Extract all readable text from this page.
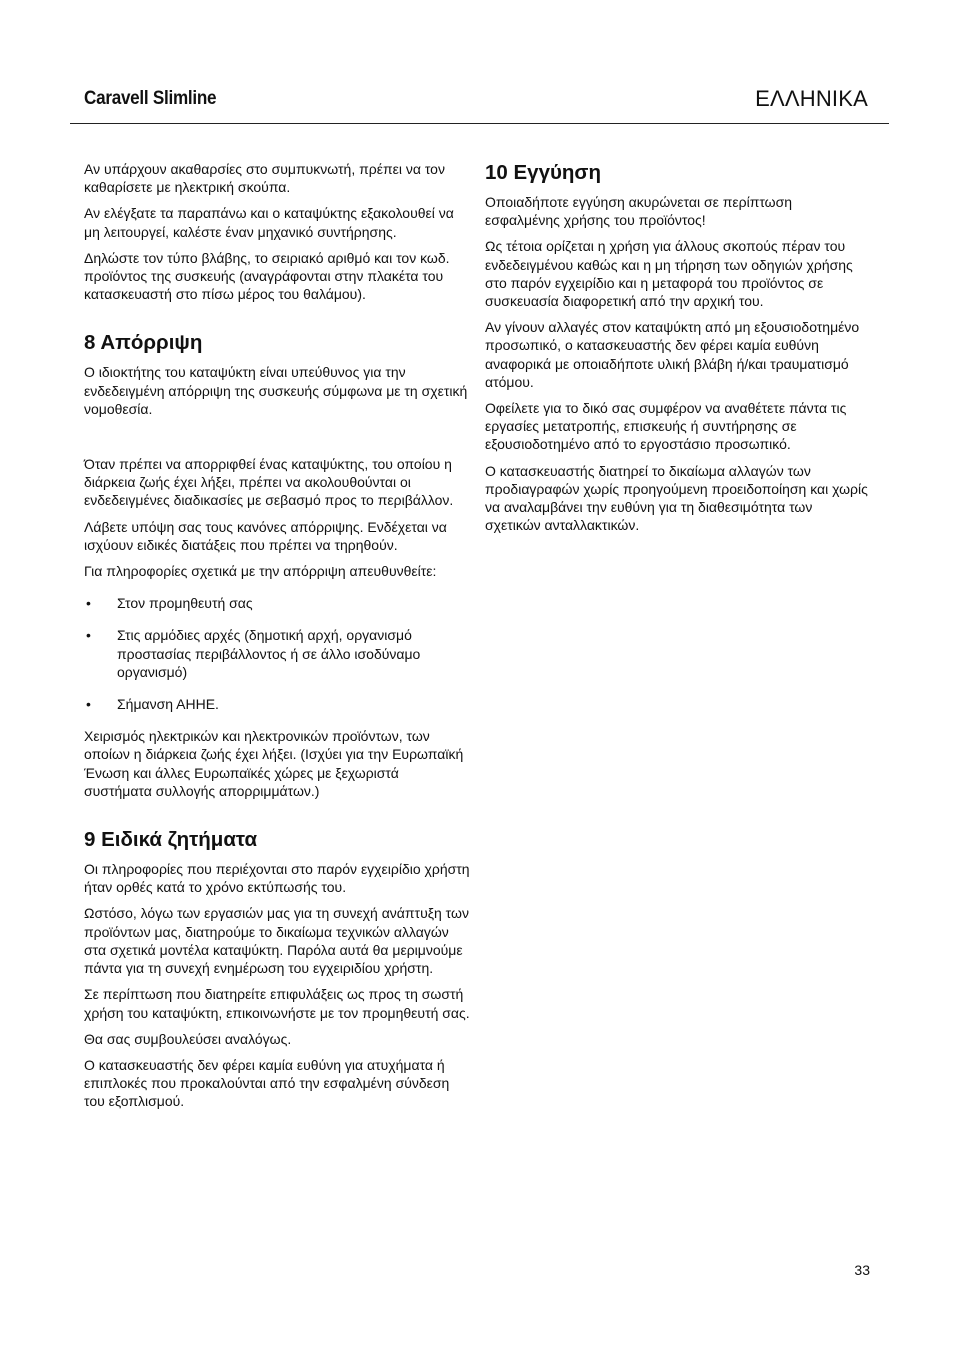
Caravell Slimline	ΕΛΛΗΝΙΚΑ

Αν υπάρχουν ακαθαρσίες στο συμπυκνωτή, πρέπει να τον καθαρίσετε με ηλεκτρική σκούπα.

Αν ελέγξατε τα παραπάνω και ο καταψύκτης εξακολουθεί να μη λειτουργεί, καλέστε έναν μηχανικό συντήρησης.

Δηλώστε τον τύπο βλάβης, το σειριακό αριθμό και τον κωδ. προϊόντος της συσκευής (αναγράφονται στην πλακέτα του κατασκευαστή στο πίσω μέρος του θαλάμου).

8 Απόρριψη

Ο ιδιοκτήτης του καταψύκτη είναι υπεύθυνος για την ενδεδειγμένη απόρριψη της συσκευής σύμφωνα με τη σχετική νομοθεσία.

Όταν πρέπει να απορριφθεί ένας καταψύκτης, του οποίου η διάρκεια ζωής έχει λήξει, πρέπει να ακολουθούνται οι ενδεδειγμένες διαδικασίες με σεβασμό προς το περιβάλλον.

Λάβετε υπόψη σας τους κανόνες απόρριψης. Ενδέχεται να ισχύουν ειδικές διατάξεις που πρέπει να τηρηθούν.

Για πληροφορίες σχετικά με την απόρριψη απευθυνθείτε:

•	Στον προμηθευτή σας
•	Στις αρμόδιες αρχές (δημοτική αρχή, οργανισμό προστασίας περιβάλλοντος ή σε άλλο ισοδύναμο οργανισμό)
•	Σήμανση ΑΗΗΕ.

Χειρισμός ηλεκτρικών και ηλεκτρονικών προϊόντων, των οποίων η διάρκεια ζωής έχει λήξει. (Ισχύει για την Ευρωπαϊκή Ένωση και άλλες Ευρωπαϊκές χώρες με ξεχωριστά συστήματα συλλογής απορριμμάτων.)

9 Ειδικά ζητήματα

Οι πληροφορίες που περιέχονται στο παρόν εγχειρίδιο χρήστη ήταν ορθές κατά το χρόνο εκτύπωσής του.

Ωστόσο, λόγω των εργασιών μας για τη συνεχή ανάπτυξη των προϊόντων μας, διατηρούμε το δικαίωμα τεχνικών αλλαγών στα σχετικά μοντέλα καταψύκτη. Παρόλα αυτά θα μεριμνούμε πάντα για τη συνεχή ενημέρωση του εγχειριδίου χρήστη.

Σε περίπτωση που διατηρείτε επιφυλάξεις ως προς τη σωστή χρήση του καταψύκτη, επικοινωνήστε με τον προμηθευτή σας.

Θα σας συμβουλεύσει αναλόγως.

Ο κατασκευαστής δεν φέρει καμία ευθύνη για ατυχήματα ή επιπλοκές που προκαλούνται από την εσφαλμένη σύνδεση του εξοπλισμού.

10 Εγγύηση

Οποιαδήποτε εγγύηση ακυρώνεται σε περίπτωση εσφαλμένης χρήσης του προϊόντος!

Ως τέτοια ορίζεται η χρήση για άλλους σκοπούς πέραν του ενδεδειγμένου καθώς και η μη τήρηση των οδηγιών χρήσης στο παρόν εγχειρίδιο και η μεταφορά του προϊόντος σε συσκευασία διαφορετική από την αρχική του.

Αν γίνουν αλλαγές στον καταψύκτη από μη εξουσιοδοτημένο προσωπικό, ο κατασκευαστής δεν φέρει καμία ευθύνη αναφορικά με οποιαδήποτε υλική βλάβη ή/και τραυματισμό ατόμου.

Οφείλετε για το δικό σας συμφέρον να αναθέτετε πάντα τις εργασίες μετατροπής, επισκευής ή συντήρησης σε εξουσιοδοτημένο από το εργοστάσιο προσωπικό.

Ο κατασκευαστής διατηρεί το δικαίωμα αλλαγών των προδιαγραφών χωρίς προηγούμενη προειδοποίηση και χωρίς να αναλαμβάνει την ευθύνη για τη διαθεσιμότητα των σχετικών ανταλλακτικών.

33
